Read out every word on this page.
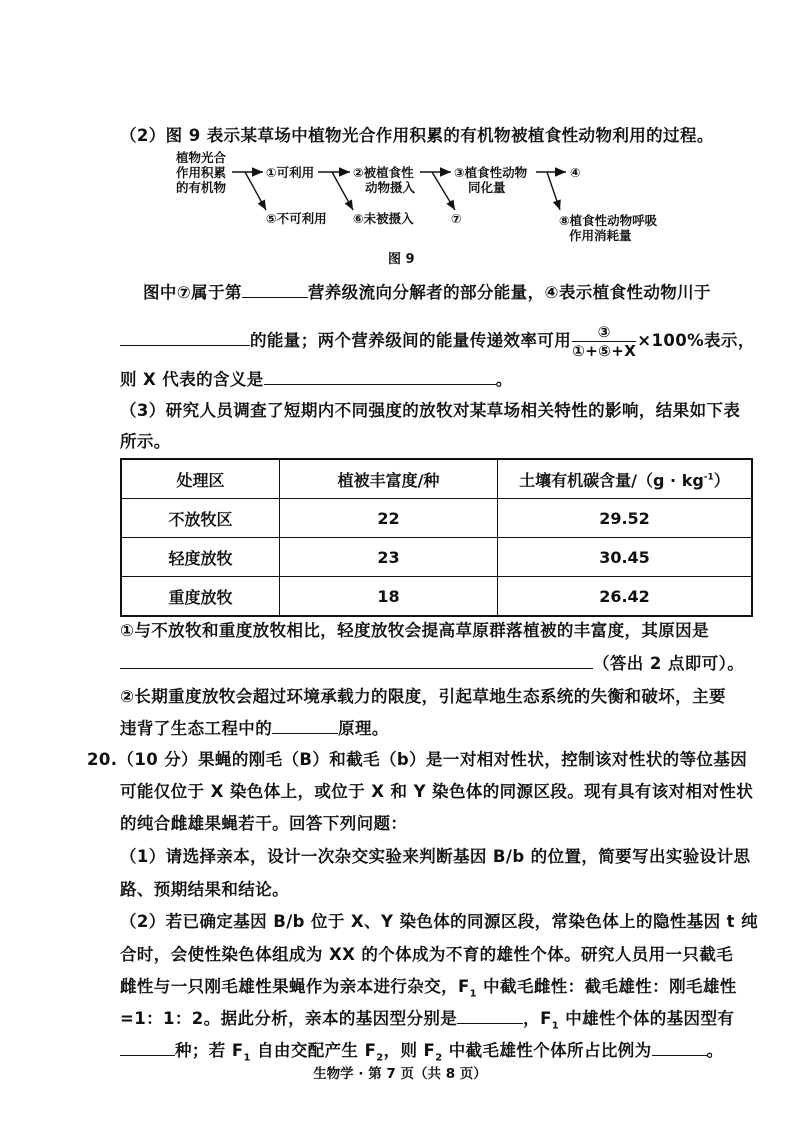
（2）图 9 表示某草场中植物光合作用积累的有机物被植食性动物利用的过程。
植物光合
作用积累
的有机物
①可利用	②被植食性
动物摄入
③植食性动物
同化量
④
⑤不可利用 ⑥未被摄入	⑦	⑧植食性动物呼吸
作用消耗量
图 9
图中⑦属于第	营养级流向分解者的部分能量，④表示植食性动物川于
的能量；两个营养级间的能量传递效率可用 $\frac{\text{③}}{\text{①+⑤+X}} \times 100\%$表示，
则 X 代表的含义是	。
（3）研究人员调查了短期内不同强度的放牧对某草场相关特性的影响，结果如下表
所示。
处理区	植被丰富度/种	土壤有机碳含量$/(g \cdot kg^{-1})$
不放牧区	22	29.52
轻度放牧	23	30.45
重度放牧	18	26.42
①与不放牧和重度放牧相比，轻度放牧会提高草原群落植被的丰富度，其原因是
（答出 2 点即可）。
②长期重度放牧会超过环境承载力的限度，引起草地生态系统的失衡和破坏，主要
违背了生态工程中的	原理。
20.（10 分）果蝇的刚毛（B）和截毛（b）是一对相对性状，控制该对性状的等位基因
可能仅位于 X 染色体上，或位于 X 和 Y 染色体的同源区段。现有具有该对相对性状
的纯合雌雄果蝇若干。回答下列问题：
（1）请选择亲本，设计一次杂交实验来判断基因 B/b 的位置，简要写出实验设计思
路、预期结果和结论。
（2）若已确定基因 B/b 位于 X、Y 染色体的同源区段，常染色体上的隐性基因 t 纯
合时，会使性染色体组成为 XX 的个体成为不育的雄性个体。研究人员用一只截毛
雌性与一只刚毛雄性果蝇作为亲本进行杂交，$F_1$ 中截毛雌性：截毛雄性：刚毛雄性
=1：1：2。据此分析，亲本的基因型分别是	，$F_1$ 中雄性个体的基因型有
种；若 $F_1$ 自由交配产生 $F_2$，则 $F_2$ 中截毛雄性个体所占比例为	。
生物学 · 第 7 页（共 8 页）
